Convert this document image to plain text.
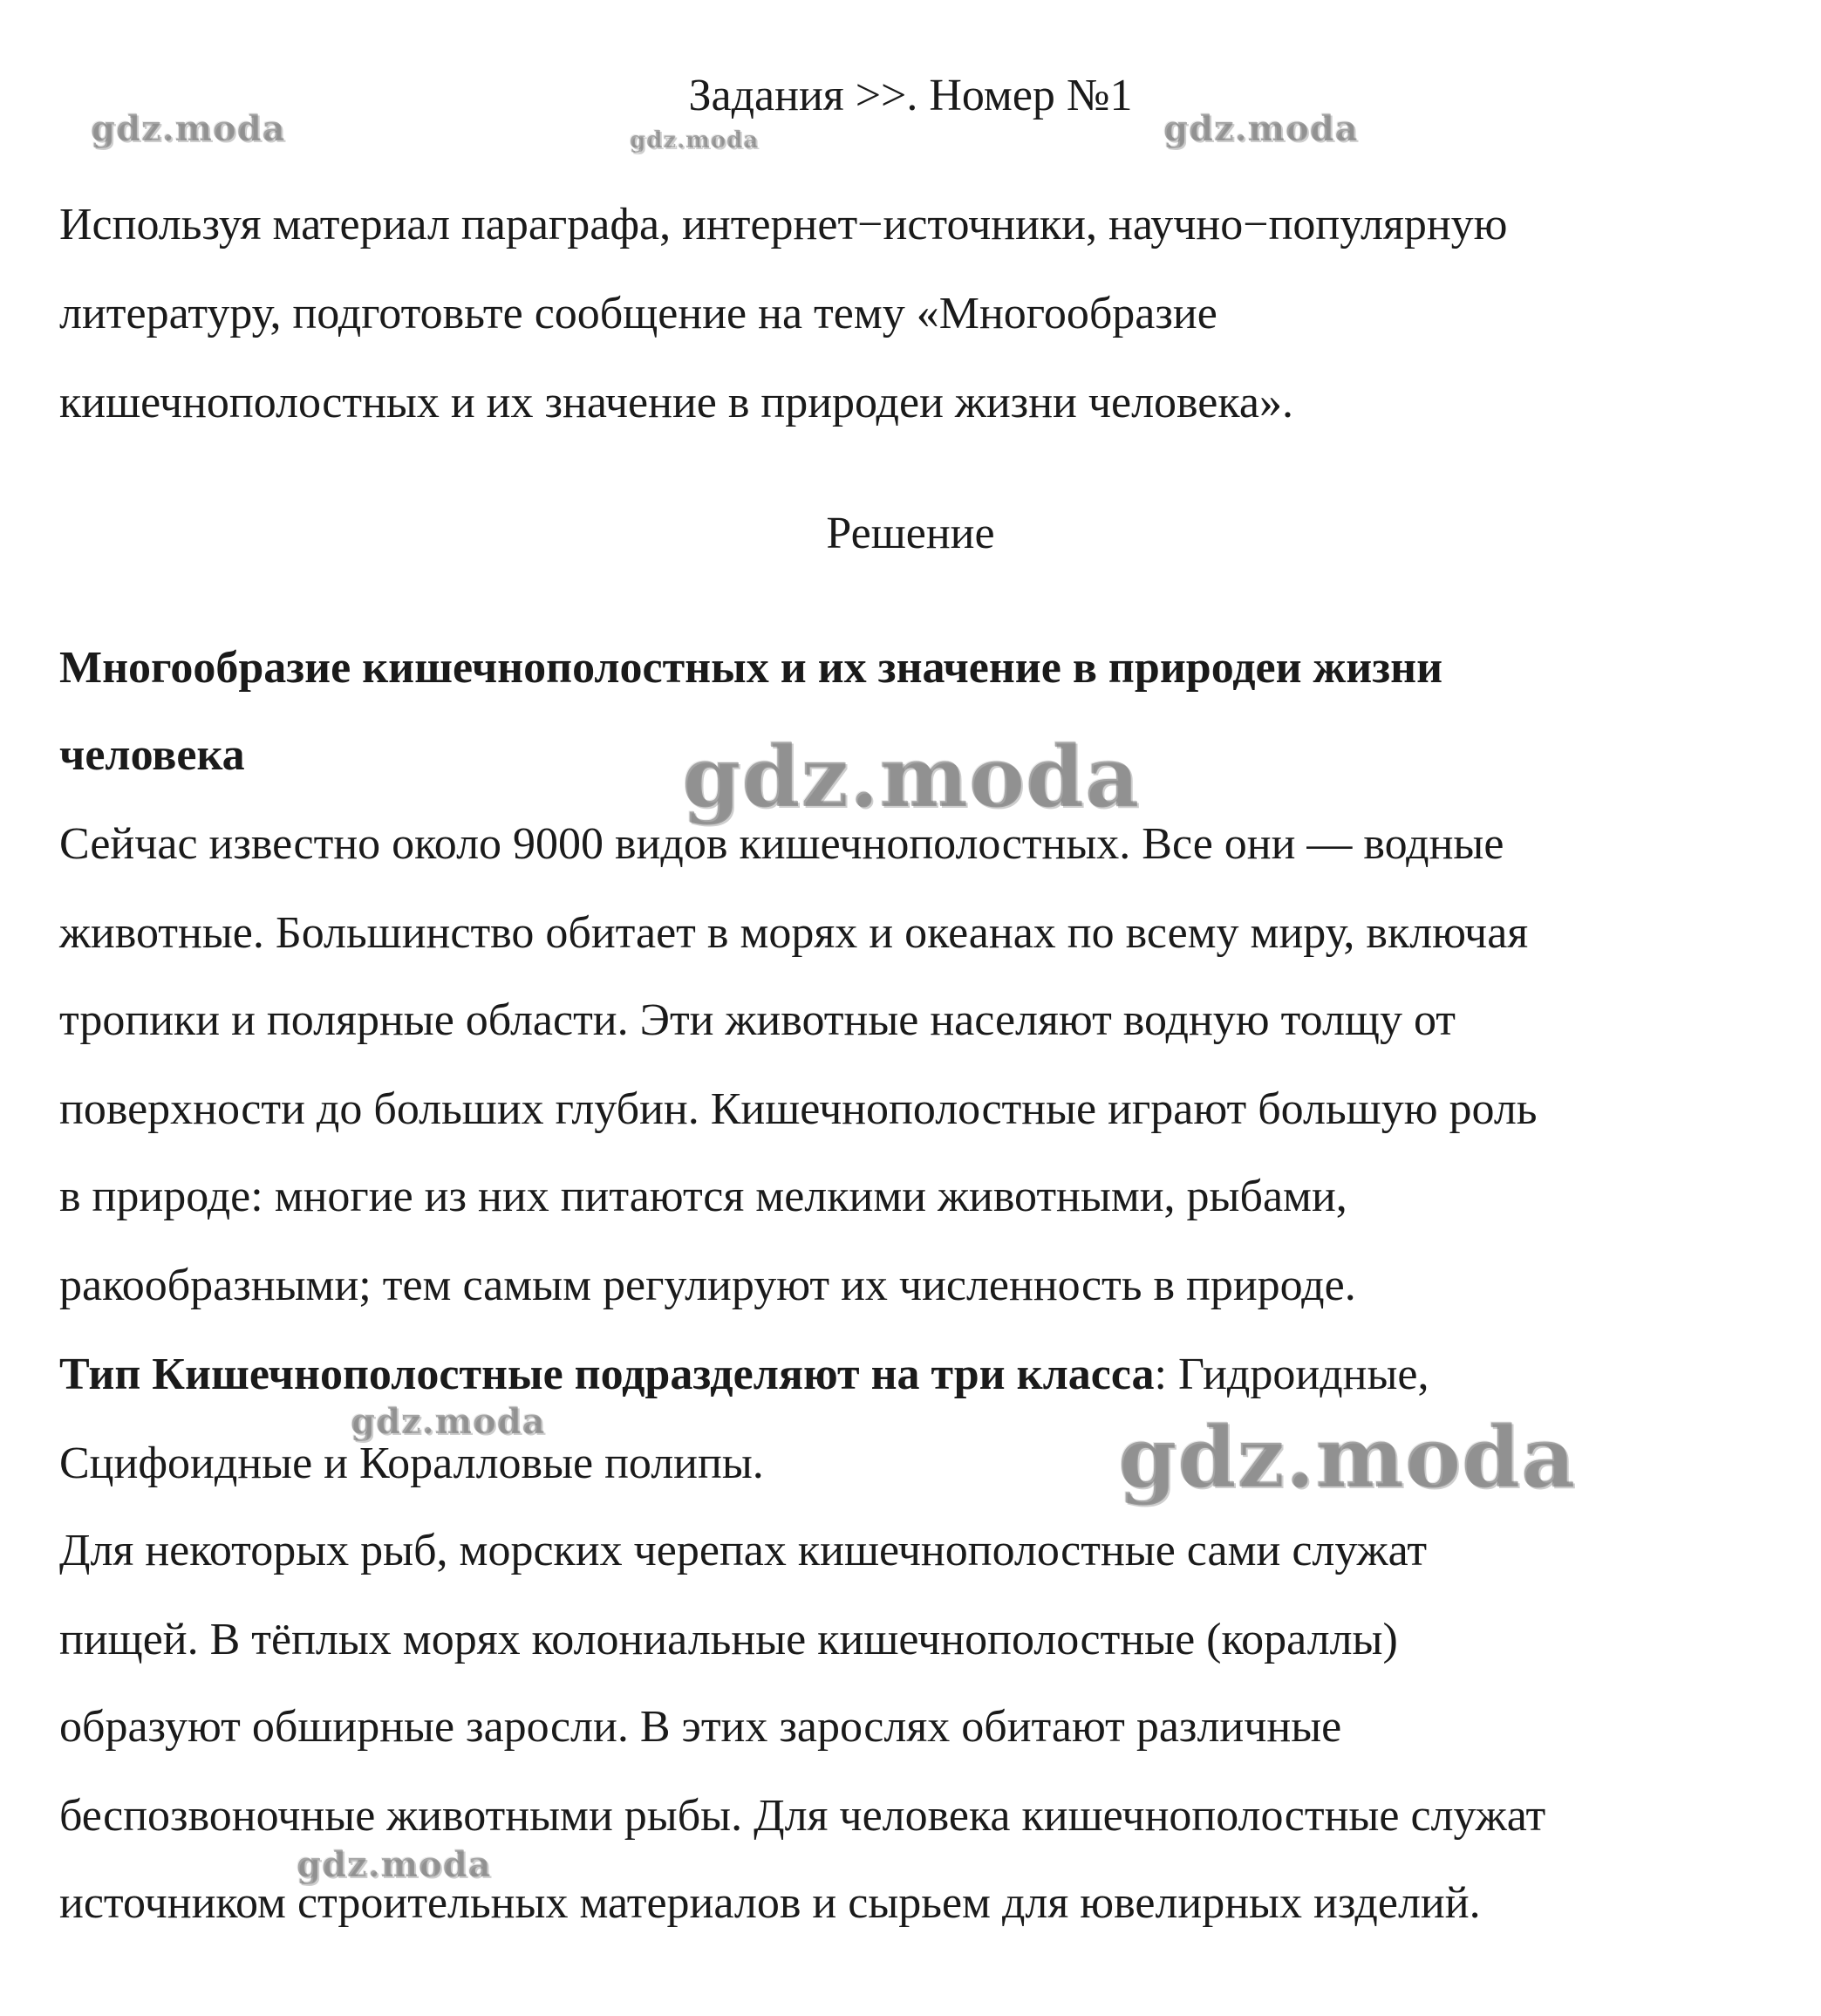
Задания >>. Номер №1
Используя материал параграфа, интернет−источники, научно−популярную
литературу, подготовьте сообщение на тему «Многообразие
кишечнополостных и их значение в природеи жизни человека».
Решение
Многообразие кишечнополостных и их значение в природеи жизни
человека
Сейчас известно около 9000 видов кишечнополостных. Все они — водные
животные. Большинство обитает в морях и океанах по всему миру, включая
тропики и полярные области. Эти животные населяют водную толщу от
поверхности до больших глубин. Кишечнополостные играют большую роль
в природе: многие из них питаются мелкими животными, рыбами,
ракообразными; тем самым регулируют их численность в природе.
Тип Кишечнополостные подразделяют на три класса: Гидроидные,
Сцифоидные и Коралловые полипы.
Для некоторых рыб, морских черепах кишечнополостные сами служат
пищей. В тёплых морях колониальные кишечнополостные (кораллы)
образуют обширные заросли. В этих зарослях обитают различные
беспозвоночные животными рыбы. Для человека кишечнополостные служат
источником строительных материалов и сырьем для ювелирных изделий.
gdz.moda	gdz.moda	gdz.moda
gdz.moda
gdz.moda	gdz.moda
gdz.moda
